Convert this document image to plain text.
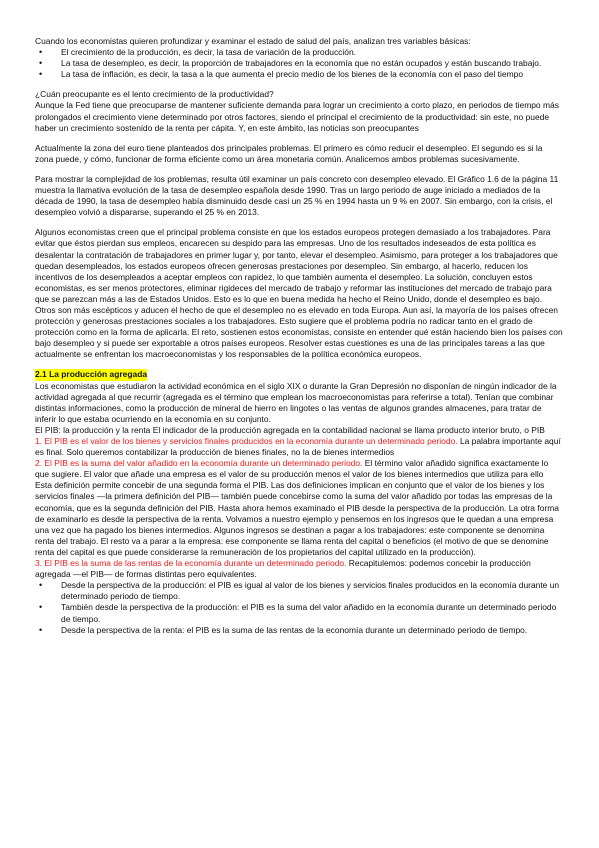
Cuando los economistas quieren profundizar y examinar el estado de salud del país, analizan tres variables básicas:

• El crecimiento de la producción, es decir, la tasa de variación de la producción.
• La tasa de desempleo, es decir, la proporción de trabajadores en la economía que no están ocupados y están buscando trabajo.
• La tasa de inflación, es decir, la tasa a la que aumenta el precio medio de los bienes de la economía con el paso del tiempo

¿Cuán preocupante es el lento crecimiento de la productividad?

Aunque la Fed tiene que preocuparse de mantener suficiente demanda para lograr un crecimiento a corto plazo, en periodos de tiempo más prolongados el crecimiento viene determinado por otros factores, siendo el principal el crecimiento de la productividad: sin este, no puede haber un crecimiento sostenido de la renta per cápita. Y, en este ámbito, las noticias son preocupantes

Actualmente la zona del euro tiene planteados dos principales problemas. El primero es cómo reducir el desempleo. El segundo es si la zona puede, y cómo, funcionar de forma eficiente como un área monetaria común. Analicemos ambos problemas sucesivamente.

Para mostrar la complejidad de los problemas, resulta útil examinar un país concreto con desempleo elevado. El Gráfico 1.6 de la página 11 muestra la llamativa evolución de la tasa de desempleo española desde 1990. Tras un largo periodo de auge iniciado a mediados de la década de 1990, la tasa de desempleo había disminuido desde casi un 25 % en 1994 hasta un 9 % en 2007. Sin embargo, con la crisis, el desempleo volvió a dispararse, superando el 25 % en 2013.

Algunos economistas creen que el principal problema consiste en que los estados europeos protegen demasiado a los trabajadores. Para evitar que éstos pierdan sus empleos, encarecen su despido para las empresas. Uno de los resultados indeseados de esta política es desalentar la contratación de trabajadores en primer lugar y, por tanto, elevar el desempleo. Asimismo, para proteger a los trabajadores que quedan desempleados, los estados europeos ofrecen generosas prestaciones por desempleo. Sin embargo, al hacerlo, reducen los incentivos de los desempleados a aceptar empleos con rapidez, lo que también aumenta el desempleo. La solución, concluyen estos economistas, es ser menos protectores, eliminar rigideces del mercado de trabajo y reformar las instituciones del mercado de trabajo para que se parezcan más a las de Estados Unidos. Esto es lo que en buena medida ha hecho el Reino Unido, donde el desempleo es bajo. Otros son más escépticos y aducen el hecho de que el desempleo no es elevado en toda Europa. Aun así, la mayoría de los países ofrecen protección y generosas prestaciones sociales a los trabajadores. Esto sugiere que el problema podría no radicar tanto en el grado de protección como en la forma de aplicarla. El reto, sostienen estos economistas, consiste en entender qué están haciendo bien los países con bajo desempleo y si puede ser exportable a otros países europeos. Resolver estas cuestiones es una de las principales tareas a las que actualmente se enfrentan los macroeconomistas y los responsables de la política económica europeos.

2.1 La producción agregada

Los economistas que estudiaron la actividad económica en el siglo XIX o durante la Gran Depresión no disponían de ningún indicador de la actividad agregada al que recurrir (agregada es el término que emplean los macroeconomistas para referirse a total). Tenían que combinar distintas informaciones, como la producción de mineral de hierro en lingotes o las ventas de algunos grandes almacenes, para tratar de inferir lo que estaba ocurriendo en la economía en su conjunto.

El PIB: la producción y la renta El indicador de la producción agregada en la contabilidad nacional se llama producto interior bruto, o PIB

1. El PIB es el valor de los bienes y servicios finales producidos en la economía durante un determinado periodo. La palabra importante aquí es final. Solo queremos contabilizar la producción de bienes finales, no la de bienes intermedios

2. El PIB es la suma del valor añadido en la economía durante un determinado periodo. El término valor añadido significa exactamente lo que sugiere. El valor que añade una empresa es el valor de su producción menos el valor de los bienes intermedios que utiliza para ello

Esta definición permite concebir de una segunda forma el PIB. Las dos definiciones implican en conjunto que el valor de los bienes y los servicios finales —la primera definición del PIB— también puede concebirse como la suma del valor añadido por todas las empresas de la economía, que es la segunda definición del PIB. Hasta ahora hemos examinado el PIB desde la perspectiva de la producción. La otra forma de examinarlo es desde la perspectiva de la renta. Volvamos a nuestro ejemplo y pensemos en los ingresos que le quedan a una empresa una vez que ha pagado los bienes intermedios. Algunos ingresos se destinan a pagar a los trabajadores: este componente se denomina renta del trabajo. El resto va a parar a la empresa: ese componente se llama renta del capital o beneficios (el motivo de que se denomine renta del capital es que puede considerarse la remuneración de los propietarios del capital utilizado en la producción).

3. El PIB es la suma de las rentas de la economía durante un determinado periodo. Recapitulemos: podemos concebir la producción agregada —el PIB— de formas distintas pero equivalentes.

• Desde la perspectiva de la producción: el PIB es igual al valor de los bienes y servicios finales producidos en la economía durante un determinado periodo de tiempo.
• También desde la perspectiva de la producción: el PIB es la suma del valor añadido en la economía durante un determinado periodo de tiempo.
• Desde la perspectiva de la renta: el PIB es la suma de las rentas de la economía durante un determinado periodo de tiempo.
